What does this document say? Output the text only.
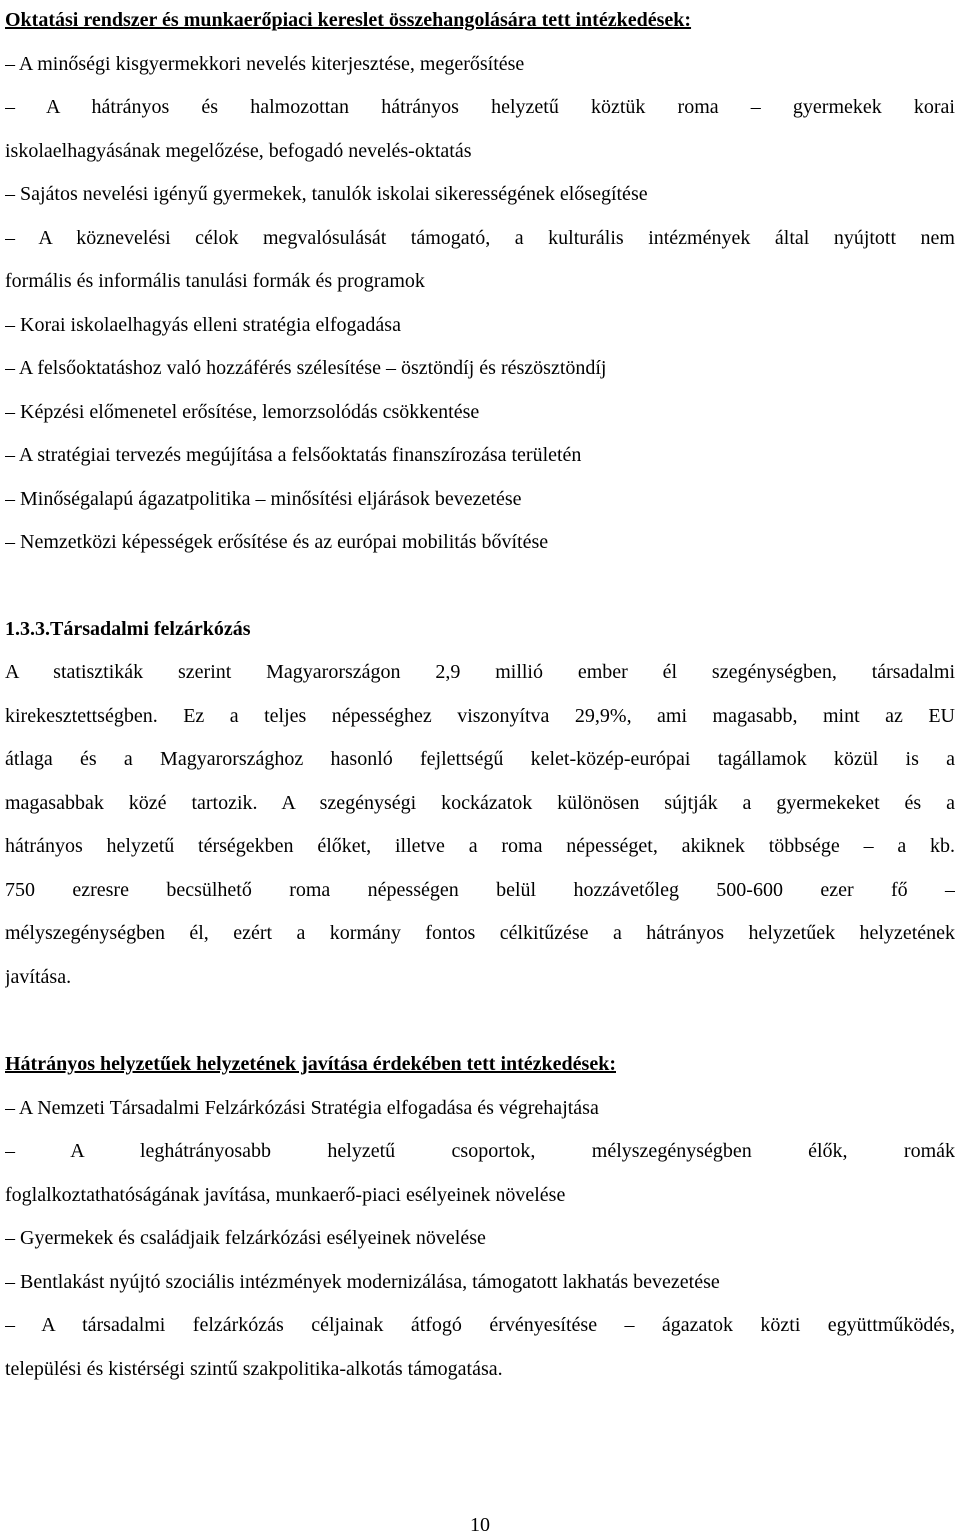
Oktatási rendszer és munkaerőpiaci kereslet összehangolására tett intézkedések:
– A minőségi kisgyermekkori nevelés kiterjesztése, megerősítése
– A hátrányos és halmozottan hátrányos helyzetű köztük roma – gyermekek korai
iskolaelhagyásának megelőzése, befogadó nevelés-oktatás
– Sajátos nevelési igényű gyermekek, tanulók iskolai sikerességének elősegítése
– A köznevelési célok megvalósulását támogató, a kulturális intézmények által nyújtott nem
formális és informális tanulási formák és programok
– Korai iskolaelhagyás elleni stratégia elfogadása
– A felsőoktatáshoz való hozzáférés szélesítése – ösztöndíj és részösztöndíj
– Képzési előmenetel erősítése, lemorzsolódás csökkentése
– A stratégiai tervezés megújítása a felsőoktatás finanszírozása területén
– Minőségalapú ágazatpolitika – minősítési eljárások bevezetése
– Nemzetközi képességek erősítése és az európai mobilitás bővítése
1.3.3.Társadalmi felzárkózás
A statisztikák szerint Magyarországon 2,9 millió ember él szegénységben, társadalmi
kirekesztettségben. Ez a teljes népességhez viszonyítva 29,9%, ami magasabb, mint az EU
átlaga és a Magyarországhoz hasonló fejlettségű kelet-közép-európai tagállamok közül is a
magasabbak közé tartozik. A szegénységi kockázatok különösen sújtják a gyermekeket és a
hátrányos helyzetű térségekben élőket, illetve a roma népességet, akiknek többsége – a kb.
750 ezresre becsülhető roma népességen belül hozzávetőleg 500-600 ezer fő –
mélyszegénységben él, ezért a kormány fontos célkitűzése a hátrányos helyzetűek helyzetének
javítása.
Hátrányos helyzetűek helyzetének javítása érdekében tett intézkedések:
– A Nemzeti Társadalmi Felzárkózási Stratégia elfogadása és végrehajtása
– A leghátrányosabb helyzetű csoportok, mélyszegénységben élők, romák
foglalkoztathatóságának javítása, munkaerő-piaci esélyeinek növelése
– Gyermekek és családjaik felzárkózási esélyeinek növelése
– Bentlakást nyújtó szociális intézmények modernizálása, támogatott lakhatás bevezetése
– A társadalmi felzárkózás céljainak átfogó érvényesítése – ágazatok közti együttműködés,
települési és kistérségi szintű szakpolitika-alkotás támogatása.
10
